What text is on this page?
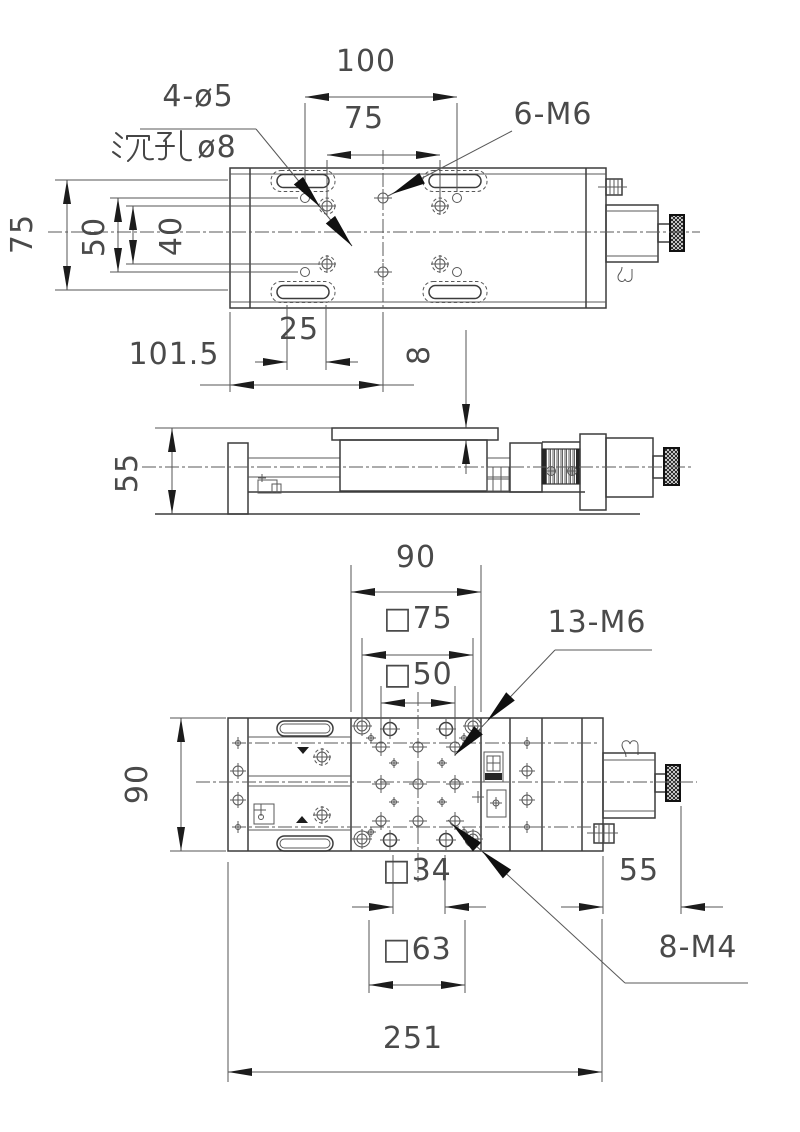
100
75
75 50 40
101.5
25
8
4-ø5
ø8
6-M6
55
90
□75
□50
13-M6
8-M4
90
□34	55
□63
251
